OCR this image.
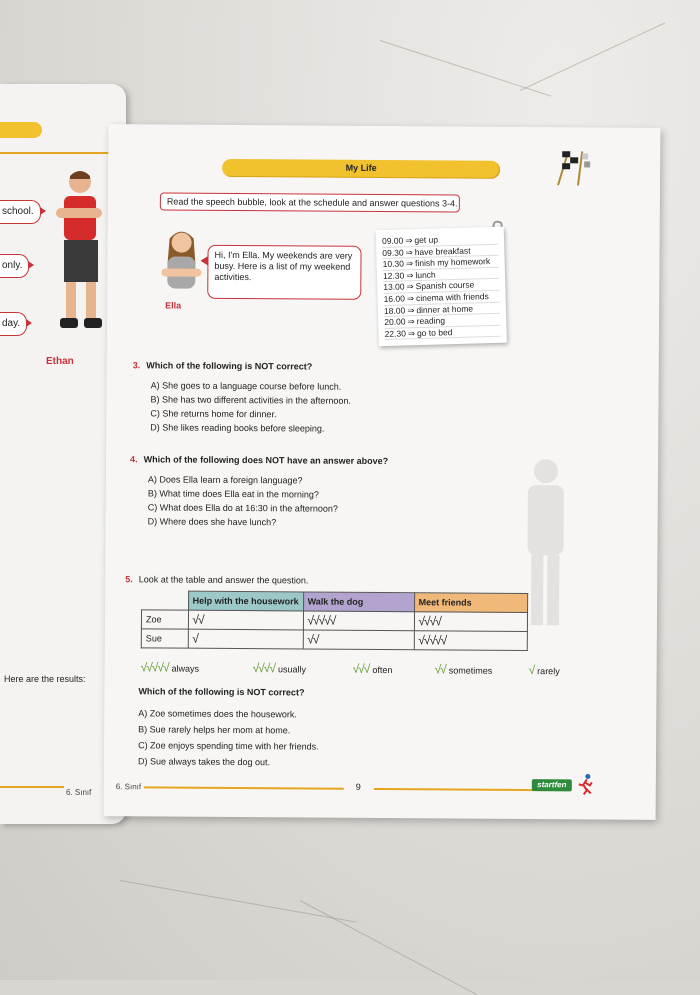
school.
only.
day.
Ethan
Here are the results:
6. Sınıf
My Life
Read the speech bubble, look at the schedule and answer questions 3-4.
Hi, I'm Ella. My weekends are very busy. Here is a list of my weekend activities.
Ella
09.00 ⇒ get up
09.30 ⇒ have breakfast
10.30 ⇒ finish my homework
12.30 ⇒ lunch
13.00 ⇒ Spanish course
16.00 ⇒ cinema with friends
18.00 ⇒ dinner at home
20.00 ⇒ reading
22.30 ⇒ go to bed
3. Which of the following is NOT correct?
A) She goes to a language course before lunch.
B) She has two different activities in the afternoon.
C) She returns home for dinner.
D) She likes reading books before sleeping.
4. Which of the following does NOT have an answer above?
A) Does Ella learn a foreign language?
B) What time does Ella eat in the morning?
C) What does Ella do at 16:30 in the afternoon?
D) Where does she have lunch?
5. Look at the table and answer the question.
	Help with the housework	Walk the dog	Meet friends
Zoe	√√	√√√√√	√√√√
Sue	√	√√	√√√√√
√√√√√ always	√√√√ usually	√√√ often	√√ sometimes	√ rarely
Which of the following is NOT correct?
A) Zoe sometimes does the housework.
B) Sue rarely helps her mom at home.
C) Zoe enjoys spending time with her friends.
D) Sue always takes the dog out.
6. Sınıf	9	startfen
